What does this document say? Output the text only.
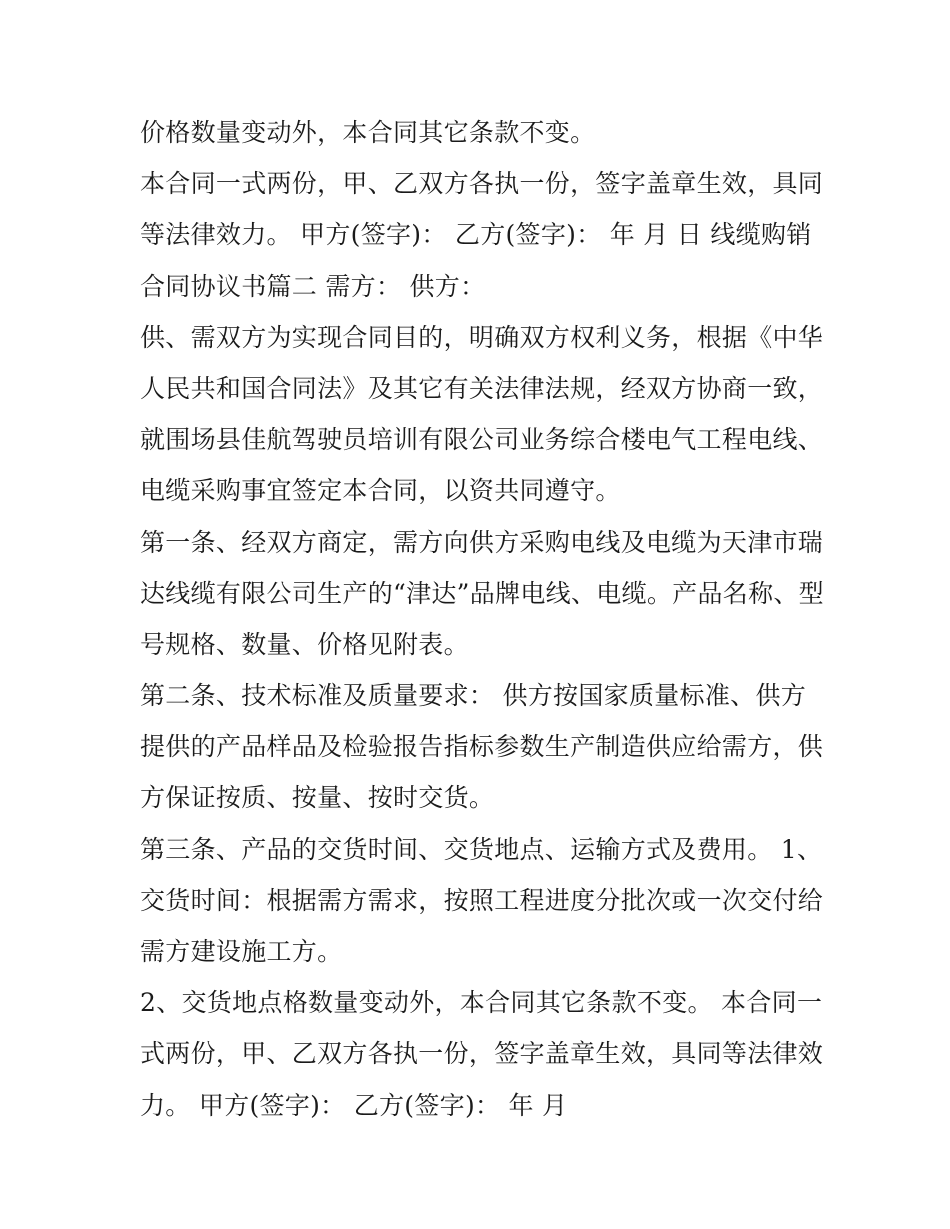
价格数量变动外，本合同其它条款不变。
本合同一式两份，甲、乙双方各执一份，签字盖章生效，具同
等法律效力。 甲方(签字)： 乙方(签字)： 年 月 日 线缆购销
合同协议书篇二 需方： 供方：
供、需双方为实现合同目的，明确双方权利义务，根据《中华
人民共和国合同法》及其它有关法律法规，经双方协商一致，
就围场县佳航驾驶员培训有限公司业务综合楼电气工程电线、
电缆采购事宜签定本合同，以资共同遵守。
第一条、经双方商定，需方向供方采购电线及电缆为天津市瑞
达线缆有限公司生产的“津达”品牌电线、电缆。产品名称、型
号规格、数量、价格见附表。
第二条、技术标准及质量要求： 供方按国家质量标准、供方
提供的产品样品及检验报告指标参数生产制造供应给需方，供
方保证按质、按量、按时交货。
第三条、产品的交货时间、交货地点、运输方式及费用。 1、
交货时间：根据需方需求，按照工程进度分批次或一次交付给
需方建设施工方。
2、交货地点格数量变动外，本合同其它条款不变。 本合同一
式两份，甲、乙双方各执一份，签字盖章生效，具同等法律效
力。 甲方(签字)： 乙方(签字)： 年 月
